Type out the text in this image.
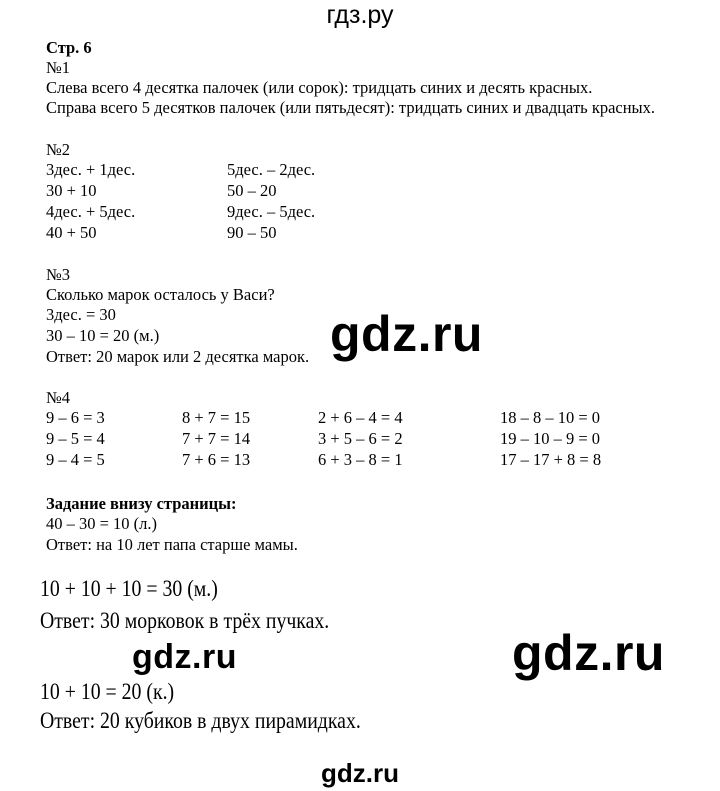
гдз.ру
Стр. 6
№1
Слева всего 4 десятка палочек (или сорок): тридцать синих и десять красных.
Справа всего 5 десятков палочек (или пятьдесят): тридцать синих и двадцать красных.
№2
3дес. + 1дес.
30 + 10
4дес. + 5дес.
40 + 50
5дес. – 2дес.
50 – 20
9дес. – 5дес.
90 – 50
№3
Сколько марок осталось у Васи?
3дес. = 30
30 – 10 = 20 (м.)
Ответ: 20 марок или 2 десятка марок. gdz.ru
№4
9 – 6 = 3
9 – 5 = 4
9 – 4 = 5
8 + 7 = 15
7 + 7 = 14
7 + 6 = 13
2 + 6 – 4 = 4
3 + 5 – 6 = 2
6 + 3 – 8 = 1
18 – 8 – 10 = 0
19 – 10 – 9 = 0
17 – 17 + 8 = 8
Задание внизу страницы:
40 – 30 = 10 (л.)
Ответ: на 10 лет папа старше мамы.
10 + 10 + 10 = 30 (м.)
Ответ: 30 морковок в трёх пучках.
10 + 10 = 20 (к.)
Ответ: 20 кубиков в двух пирамидках.
gdz.ru	gdz.ru
gdz.ru
